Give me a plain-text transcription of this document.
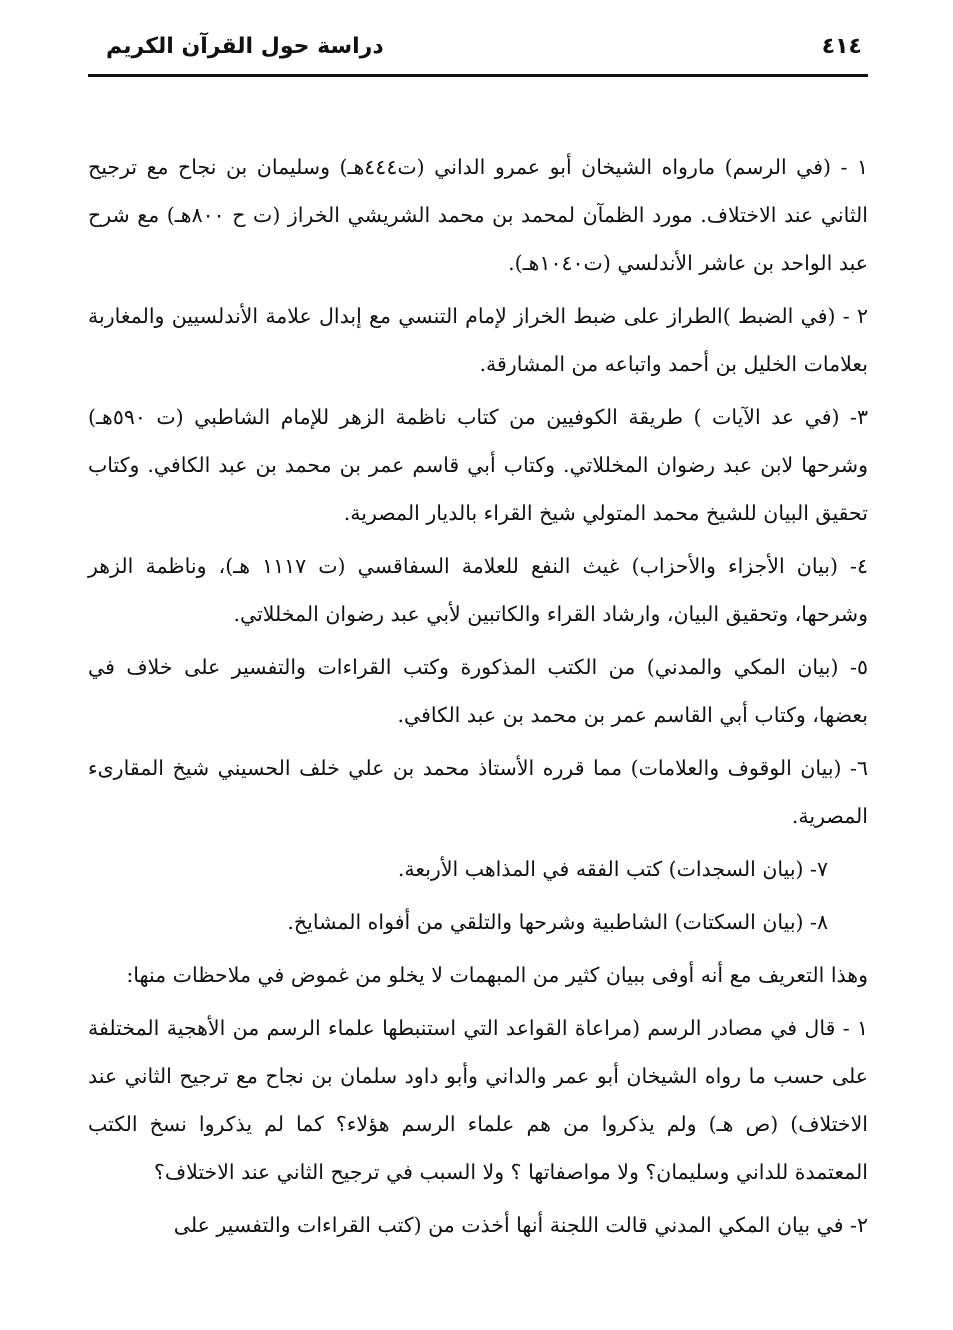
٤١٤
دراسة حول القرآن الكريم

١ - (في الرسم) مارواه الشيخان أبو عمرو الداني (ت٤٤٤هـ) وسليمان بن نجاح مع ترجيح الثاني عند الاختلاف. مورد الظمآن لمحمد بن محمد الشريشي الخراز (ت ح ٨٠٠هـ) مع شرح عبد الواحد بن عاشر الأندلسي (ت١٠٤٠هـ).

٢ - (في الضبط )الطراز على ضبط الخراز لإمام التنسي مع إبدال علامة الأندلسيين والمغاربة بعلامات الخليل بن أحمد واتباعه من المشارقة.

٣- (في عد الآيات ) طريقة الكوفيين من كتاب ناظمة الزهر للإمام الشاطبي (ت ٥٩٠هـ) وشرحها لابن عبد رضوان المخللاتي. وكتاب أبي قاسم عمر بن محمد بن عبد الكافي. وكتاب تحقيق البيان للشيخ محمد المتولي شيخ القراء بالديار المصرية.

٤- (بيان الأجزاء والأحزاب) غيث النفع للعلامة السفاقسي (ت ١١١٧ هـ)، وناظمة الزهر وشرحها، وتحقيق البيان، وارشاد القراء والكاتبين لأبي عبد رضوان المخللاتي.

٥- (بيان المكي والمدني) من الكتب المذكورة وكتب القراءات والتفسير على خلاف في بعضها، وكتاب أبي القاسم عمر بن محمد بن عبد الكافي.

٦- (بيان الوقوف والعلامات) مما قرره الأستاذ محمد بن علي خلف الحسيني شيخ المقارىء المصرية.

٧- (بيان السجدات) كتب الفقه في المذاهب الأربعة.

٨- (بيان السكتات) الشاطبية وشرحها والتلقي من أفواه المشايخ.

وهذا التعريف مع أنه أوفى ببيان كثير من المبهمات لا يخلو من غموض في ملاحظات منها:

١ - قال في مصادر الرسم (مراعاة القواعد التي استنبطها علماء الرسم من الأهجية المختلفة على حسب ما رواه الشيخان أبو عمر والداني وأبو داود سلمان بن نجاح مع ترجيح الثاني عند الاختلاف) (ص هـ) ولم يذكروا من هم علماء الرسم هؤلاء؟ كما لم يذكروا نسخ الكتب المعتمدة للداني وسليمان؟ ولا مواصفاتها ؟ ولا السبب في ترجيح الثاني عند الاختلاف؟

٢- في بيان المكي المدني قالت اللجنة أنها أخذت من (كتب القراءات والتفسير على
